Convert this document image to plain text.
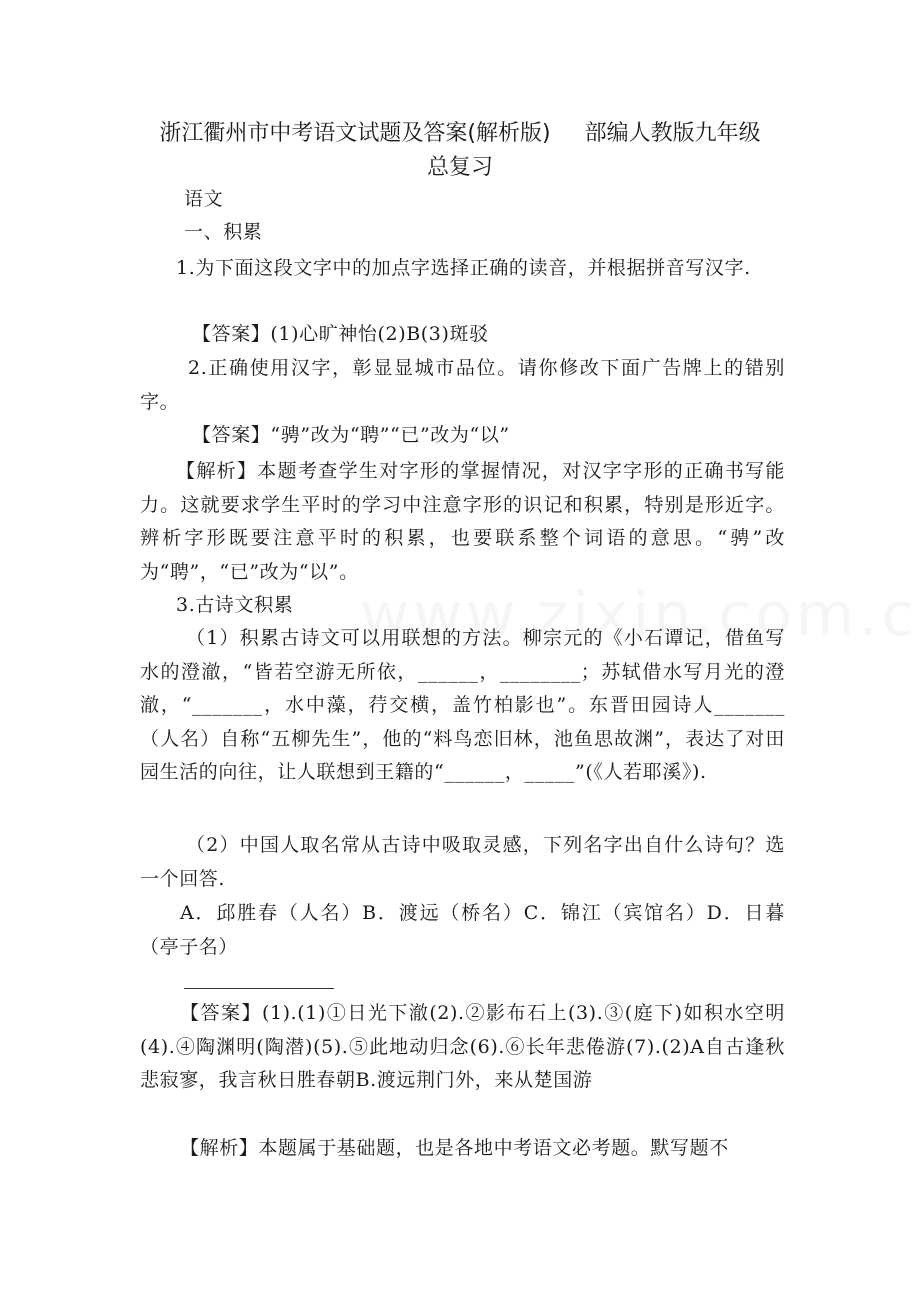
浙江衢州市中考语文试题及答案(解析版) 部编人教版九年级
总复习

语文

一、积累

1.为下面这段文字中的加点字选择正确的读音，并根据拼音写汉字.

【答案】(1)心旷神怡(2)B(3)斑驳

2.正确使用汉字，彰显显城市品位。请你修改下面广告牌上的错别字。

【答案】“骋”改为“聘”“已”改为“以”

【解析】本题考查学生对字形的掌握情况，对汉字字形的正确书写能力。这就要求学生平时的学习中注意字形的识记和积累，特别是形近字。辨析字形既要注意平时的积累，也要联系整个词语的意思。“骋”改为“聘”，“已”改为“以”。

3.古诗文积累

（1）积累古诗文可以用联想的方法。柳宗元的《小石谭记，借鱼写水的澄澈，“皆若空游无所依，______，________；苏轼借水写月光的澄澈，“_______，水中藻，荇交横，盖竹柏影也”。东晋田园诗人_______（人名）自称“五柳先生”，他的“料鸟恋旧林，池鱼思故渊”，表达了对田园生活的向往，让人联想到王籍的“______，_____”(《人若耶溪》).

（2）中国人取名常从古诗中吸取灵感，下列名字出自什么诗句？选一个回答.

A．邱胜春（人名）B．渡远（桥名）C．锦江（宾馆名）D．日暮（亭子名）

【答案】(1).(1)①日光下澈(2).②影布石上(3).③(庭下)如积水空明(4).④陶渊明(陶潜)(5).⑤此地动归念(6).⑥长年悲倦游(7).(2)A自古逢秋悲寂寥，我言秋日胜春朝B.渡远荆门外，来从楚国游

【解析】本题属于基础题，也是各地中考语文必考题。默写题不
